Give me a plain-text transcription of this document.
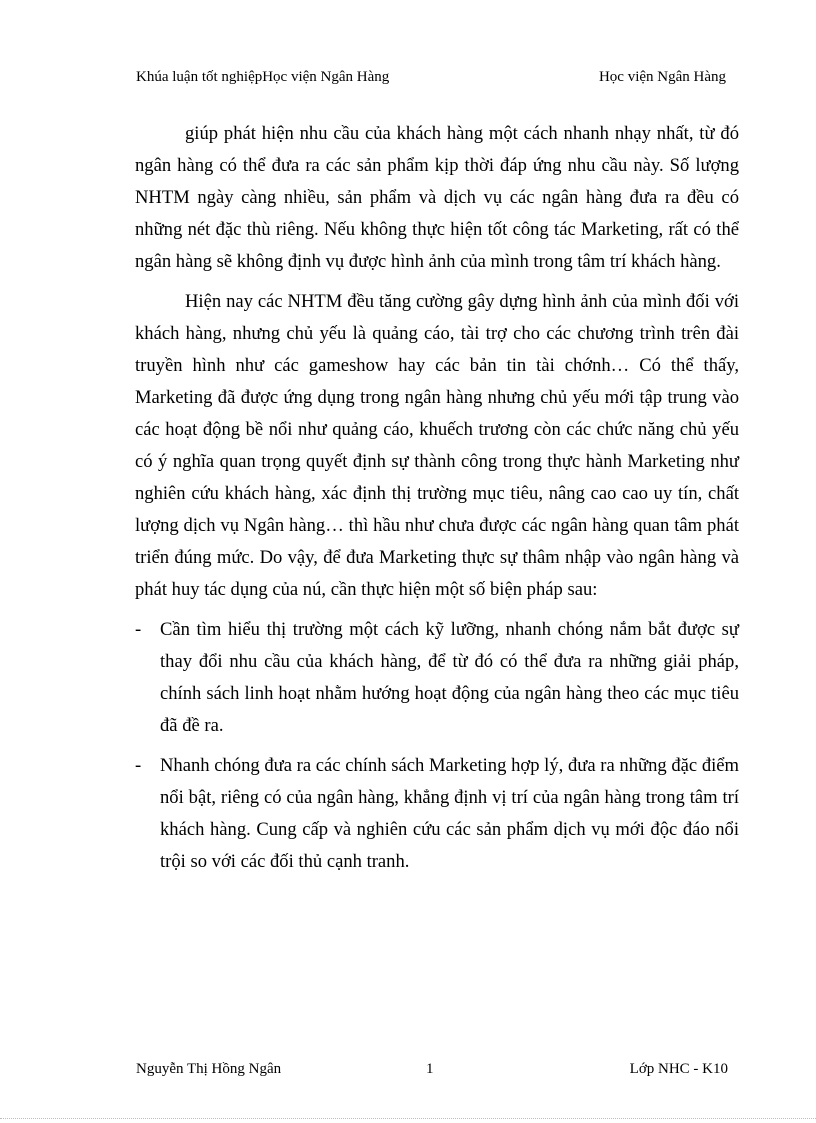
Khúa luận tốt nghiệpHọc viện Ngân Hàng	Học viện Ngân Hàng

giúp phát hiện nhu cầu của khách hàng một cách nhanh nhạy nhất, từ đó ngân hàng có thể đưa ra các sản phẩm kịp thời đáp ứng nhu cầu này. Số lượng NHTM ngày càng nhiều, sản phẩm và dịch vụ các ngân hàng đưa ra đều có những nét đặc thù riêng. Nếu không thực hiện tốt công tác Marketing, rất có thể ngân hàng sẽ không định vụ được hình ảnh của mình trong tâm trí khách hàng.

Hiện nay các NHTM đều tăng cường gây dựng hình ảnh của mình đối với khách hàng, nhưng chủ yếu là quảng cáo, tài trợ cho các chương trình trên đài truyền hình như các gameshow hay các bản tin tài chớnh… Có thể thấy, Marketing đã được ứng dụng trong ngân hàng nhưng chủ yếu mới tập trung vào các hoạt động bề nổi như quảng cáo, khuếch trương còn các chức năng chủ yếu có ý nghĩa quan trọng quyết định sự thành công trong thực hành Marketing như nghiên cứu khách hàng, xác định thị trường mục tiêu, nâng cao cao uy tín, chất lượng dịch vụ Ngân hàng… thì hầu như chưa được các ngân hàng quan tâm phát triển đúng mức. Do vậy, để đưa Marketing thực sự thâm nhập vào ngân hàng và phát huy tác dụng của nú, cần thực hiện một số biện pháp sau:

- Cần tìm hiểu thị trường một cách kỹ lưỡng, nhanh chóng nắm bắt được sự thay đổi nhu cầu của khách hàng, để từ đó có thể đưa ra những giải pháp, chính sách linh hoạt nhằm hướng hoạt động của ngân hàng theo các mục tiêu đã đề ra.
- Nhanh chóng đưa ra các chính sách Marketing hợp lý, đưa ra những đặc điểm nổi bật, riêng có của ngân hàng, khẳng định vị trí của ngân hàng trong tâm trí khách hàng. Cung cấp và nghiên cứu các sản phẩm dịch vụ mới độc đáo nổi trội so với các đối thủ cạnh tranh.
Nguyễn Thị Hồng Ngân	1	Lớp NHC - K10
